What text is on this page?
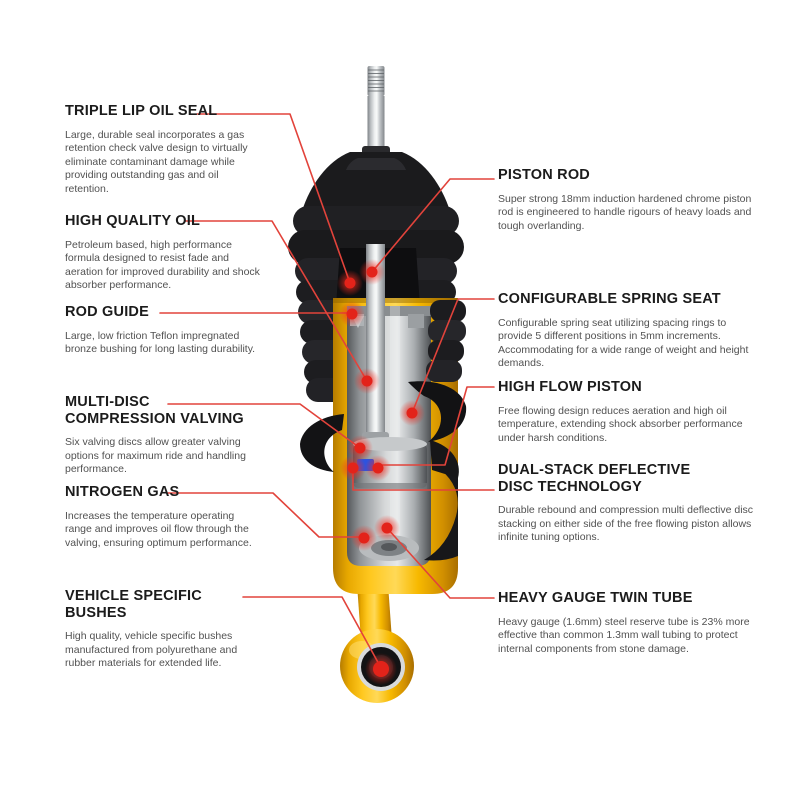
TRIPLE LIP OIL SEAL
Large, durable seal incorporates a gas retention check valve design to virtually eliminate contaminant damage while providing outstanding gas and oil retention.
HIGH QUALITY OIL
Petroleum based, high performance formula designed to resist fade and aeration for improved durability and shock absorber performance.
ROD GUIDE
Large, low friction Teflon impregnated bronze bushing for long lasting durability.
MULTI-DISC
COMPRESSION VALVING
Six valving discs allow greater valving options for maximum ride and handling performance.
NITROGEN GAS
Increases the temperature operating range and improves oil flow through the valving, ensuring optimum performance.
VEHICLE SPECIFIC BUSHES
High quality, vehicle specific bushes manufactured from polyurethane and rubber materials for extended life.
PISTON ROD
Super strong 18mm induction hardened chrome piston rod is engineered to handle rigours of heavy loads and tough overlanding.
CONFIGURABLE SPRING SEAT
Configurable spring seat utilizing spacing rings to provide 5 different positions in 5mm increments. Accommodating for a wide range of weight and height demands.
HIGH FLOW PISTON
Free flowing design reduces aeration and high oil temperature, extending shock absorber performance under harsh conditions.
DUAL-STACK DEFLECTIVE
DISC TECHNOLOGY
Durable rebound and compression multi deflective disc stacking on either side of the free flowing piston allows infinite tuning options.
HEAVY GAUGE TWIN TUBE
Heavy gauge (1.6mm) steel reserve tube is 23% more effective than common 1.3mm wall tubing to protect internal components from stone damage.
